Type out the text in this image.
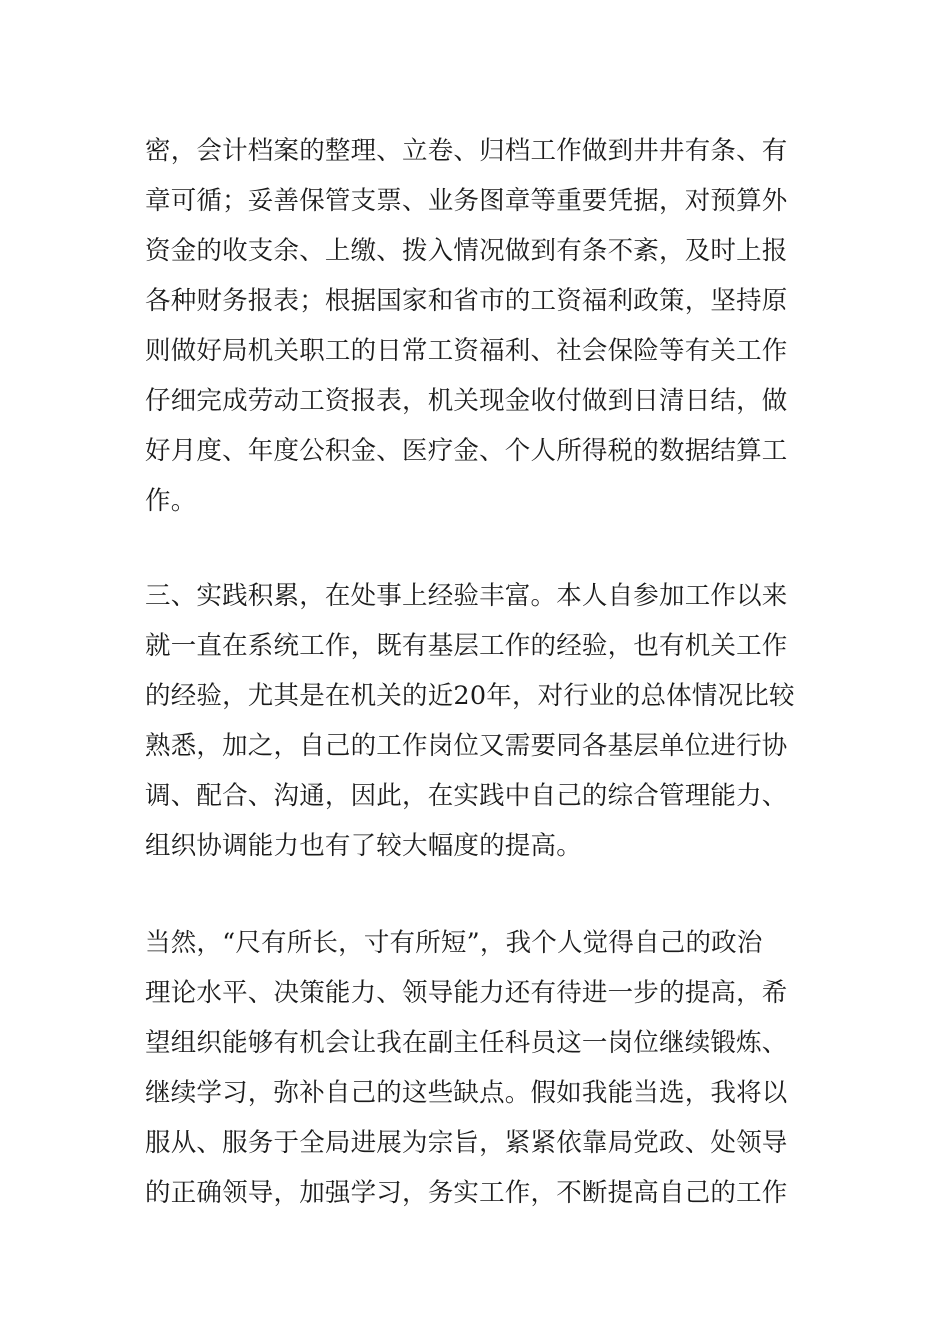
密，会计档案的整理、立卷、归档工作做到井井有条、有
章可循；妥善保管支票、业务图章等重要凭据，对预算外
资金的收支余、上缴、拨入情况做到有条不紊，及时上报
各种财务报表；根据国家和省市的工资福利政策，坚持原
则做好局机关职工的日常工资福利、社会保险等有关工作
仔细完成劳动工资报表，机关现金收付做到日清日结，做
好月度、年度公积金、医疗金、个人所得税的数据结算工
作。
三、实践积累，在处事上经验丰富。本人自参加工作以来
就一直在系统工作，既有基层工作的经验，也有机关工作
的经验，尤其是在机关的近20年，对行业的总体情况比较
熟悉，加之，自己的工作岗位又需要同各基层单位进行协
调、配合、沟通，因此，在实践中自己的综合管理能力、
组织协调能力也有了较大幅度的提高。
当然，“尺有所长，寸有所短”，我个人觉得自己的政治
理论水平、决策能力、领导能力还有待进一步的提高，希
望组织能够有机会让我在副主任科员这一岗位继续锻炼、
继续学习，弥补自己的这些缺点。假如我能当选，我将以
服从、服务于全局进展为宗旨，紧紧依靠局党政、处领导
的正确领导，加强学习，务实工作，不断提高自己的工作
